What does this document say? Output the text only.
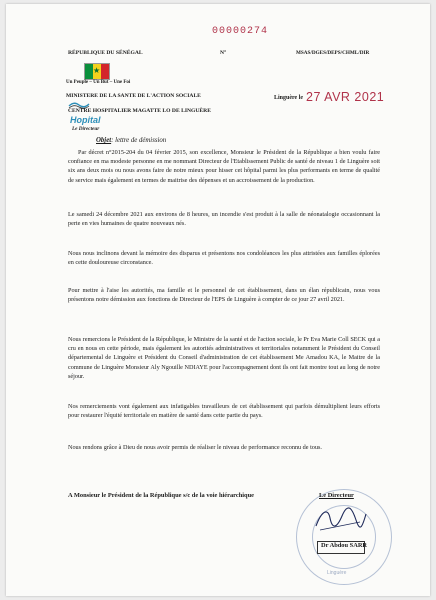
00000274
RÉPUBLIQUE DU SÉNÉGAL	N°	MSAS/DGES/DEPS/CHML/DIR
★
Un Peuple – Un But – Une Foi
MINISTERE DE LA SANTE DE L'ACTION SOCIALE
CENTRE HOSPITALIER MAGATTE LO DE LINGUÈRE
Hopital
Le Directeur
Linguère le 27 AVR 2021
Objet: lettre de démission
Par décret n°2015-204 du 04 février 2015, son excellence, Monsieur le Président de la République a bien voulu faire confiance en ma modeste personne en me nommant Directeur de l'Etablissement Public de santé de niveau 1 de Linguère soit six ans deux mois ou nous avons faire de notre mieux pour hisser cet hôpital parmi les plus performants en terme de qualité de service mais également en termes de maitrise des dépenses et un accroissement de la production.
Le samedi 24 décembre 2021 aux environs de 8 heures, un incendie s'est produit à la salle de néonatalogie occasionnant la perte en vies humaines de quatre nouveaux nés.
Nous nous inclinons devant la mémoire des disparus et présentons nos condoléances les plus attristées aux familles éplorées en cette douloureuse circonstance.
Pour mettre à l'aise les autorités, ma famille et le personnel de cet établissement, dans un élan républicain, nous vous présentons notre démission aux fonctions de Directeur de l'EPS de Linguère à compter de ce jour 27 avril 2021.
Nous remercions le Président de la République, le Ministre de la santé et de l'action sociale, le Pr Eva Marie Coll SECK qui a cru en nous en cette période, mais également les autorités administratives et territoriales notamment le Président du Conseil départemental de Linguère et Président du Conseil d'administration de cet établissement Me Amadou KA, le Maitre de la commune de Linguère Monsieur Aly Ngouille NDIAYE pour l'accompagnement dont ils ont fait montre tout au long de notre séjour.
Nos remerciements vont également aux infatigables travailleurs de cet établissement qui parfois démultiplient leurs efforts pour restaurer l'équité territoriale en matière de santé dans cette partie du pays.
Nous rendons grâce à Dieu de nous avoir permis de réaliser le niveau de performance reconnu de tous.
Linguère
A Monsieur le Président de la République s/c de la voie hiérarchique	Le Directeur
Dr Abdou SARR
